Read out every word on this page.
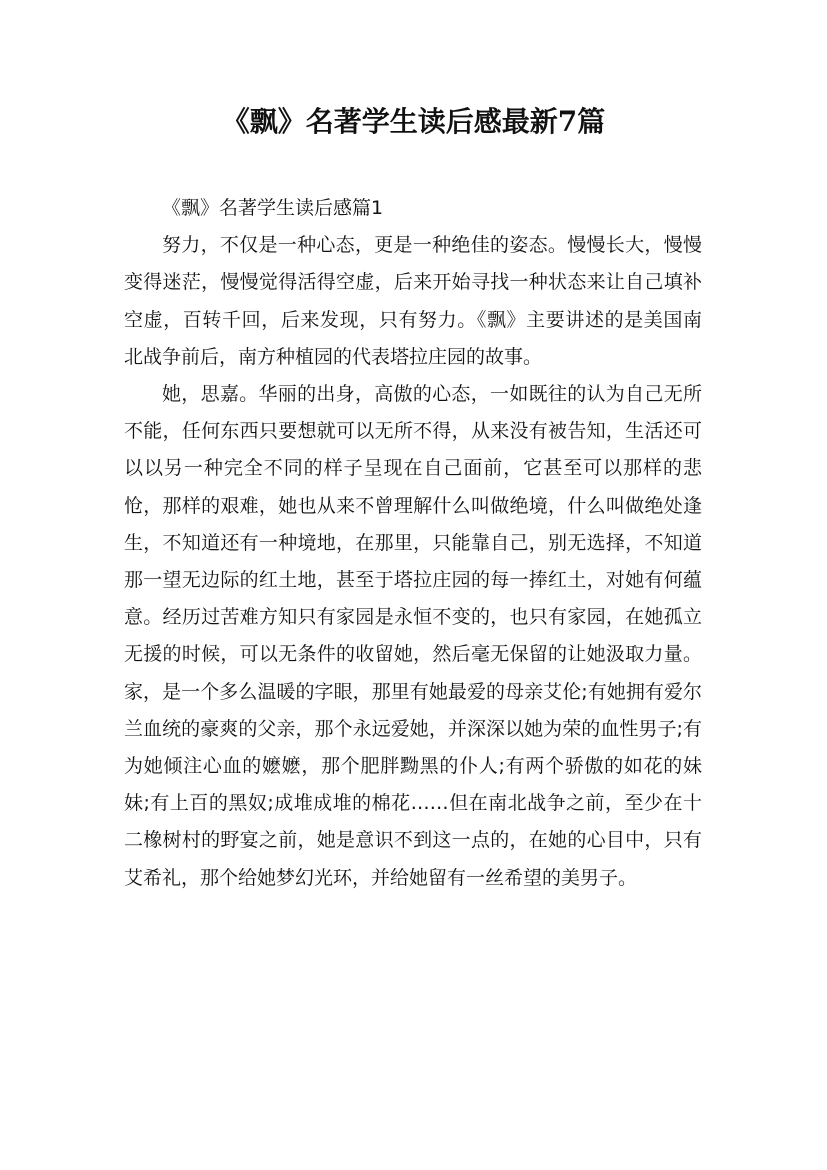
《飘》名著学生读后感最新7篇

《飘》名著学生读后感篇1

努力，不仅是一种心态，更是一种绝佳的姿态。慢慢长大，慢慢变得迷茫，慢慢觉得活得空虚，后来开始寻找一种状态来让自己填补空虚，百转千回，后来发现，只有努力。《飘》主要讲述的是美国南北战争前后，南方种植园的代表塔拉庄园的故事。

她，思嘉。华丽的出身，高傲的心态，一如既往的认为自己无所不能，任何东西只要想就可以无所不得，从来没有被告知，生活还可以以另一种完全不同的样子呈现在自己面前，它甚至可以那样的悲怆，那样的艰难，她也从来不曾理解什么叫做绝境，什么叫做绝处逢生，不知道还有一种境地，在那里，只能靠自己，别无选择，不知道那一望无边际的红土地，甚至于塔拉庄园的每一捧红土，对她有何蕴意。经历过苦难方知只有家园是永恒不变的，也只有家园，在她孤立无援的时候，可以无条件的收留她，然后毫无保留的让她汲取力量。家，是一个多么温暖的字眼，那里有她最爱的母亲艾伦;有她拥有爱尔兰血统的豪爽的父亲，那个永远爱她，并深深以她为荣的血性男子;有为她倾注心血的嬷嬷，那个肥胖黝黑的仆人;有两个骄傲的如花的妹妹;有上百的黑奴;成堆成堆的棉花……但在南北战争之前，至少在十二橡树村的野宴之前，她是意识不到这一点的，在她的心目中，只有艾希礼，那个给她梦幻光环，并给她留有一丝希望的美男子。
